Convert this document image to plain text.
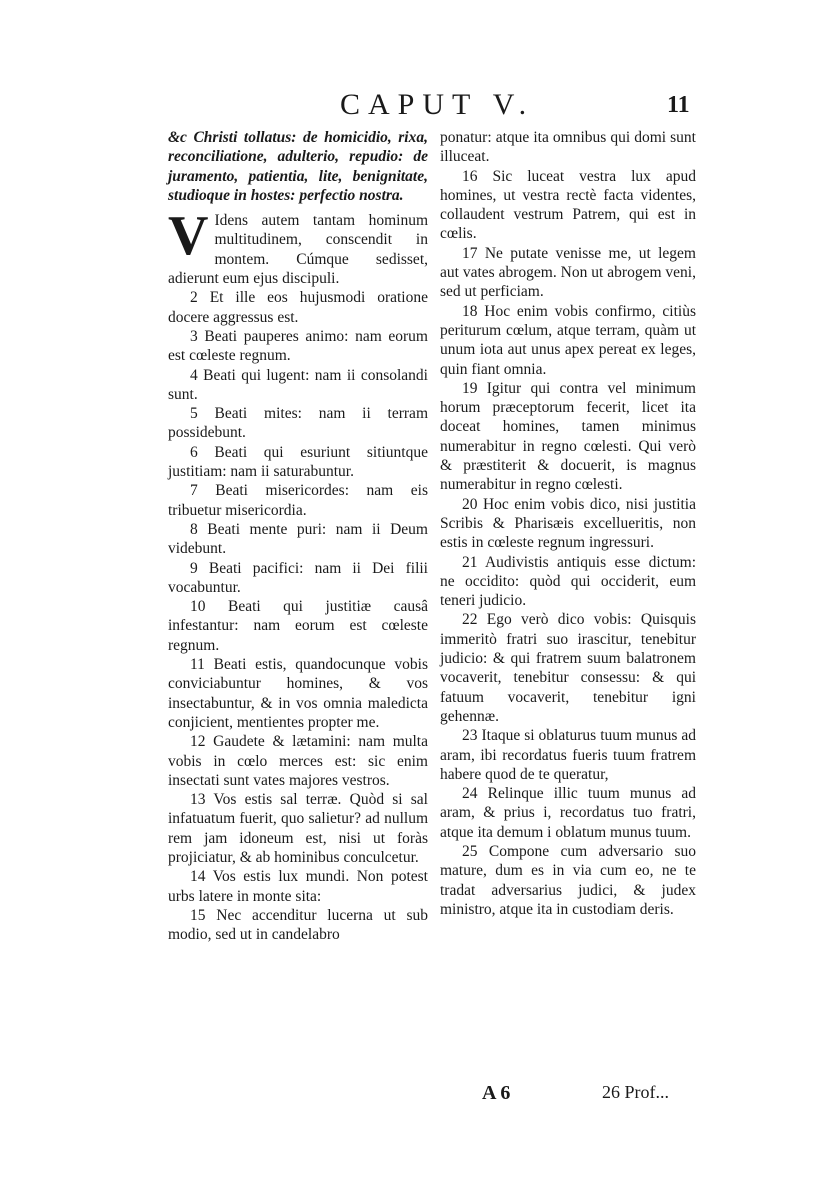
CAPUT V.	11

&c Christi tollatus: de homicidio, rixa, reconciliatione, adulterio, repudio: de juramento, patientia, lite, benignitate, studioque in hostes: perfectio nostra.

V Idens autem tantam hominum multitudinem, conscendit in montem. Cúmque sedisset, adierunt eum ejus discipuli.

2 Et ille eos hujusmodi oratione docere aggressus est.

3 Beati pauperes animo: nam eorum est cœleste regnum.

4 Beati qui lugent: nam ii consolandi sunt.

5 Beati mites: nam ii terram possidebunt.

6 Beati qui esuriunt sitiuntque justitiam: nam ii saturabuntur.

7 Beati misericordes: nam eis tribuetur misericordia.

8 Beati mente puri: nam ii Deum videbunt.

9 Beati pacifici: nam ii Dei filii vocabuntur.

10 Beati qui justitiæ causâ infestantur: nam eorum est cœleste regnum.

11 Beati estis, quandocunque vobis conviciabuntur homines, & vos insectabuntur, & in vos omnia maledicta conjicient, mentientes propter me.

12 Gaudete & lætamini: nam multa vobis in cœlo merces est: sic enim insectati sunt vates majores vestros.

13 Vos estis sal terræ. Quòd si sal infatuatum fuerit, quo salietur? ad nullum rem jam idoneum est, nisi ut foràs projiciatur, & ab hominibus conculcetur.

14 Vos estis lux mundi. Non potest urbs latere in monte sita:

15 Nec accenditur lucerna ut sub modio, sed ut in candelabro

ponatur: atque ita omnibus qui domi sunt illuceat.

16 Sic luceat vestra lux apud homines, ut vestra rectè facta videntes, collaudent vestrum Patrem, qui est in cœlis.

17 Ne putate venisse me, ut legem aut vates abrogem. Non ut abrogem veni, sed ut perficiam.

18 Hoc enim vobis confirmo, citiùs periturum cœlum, atque terram, quàm ut unum iota aut unus apex pereat ex leges, quin fiant omnia.

19 Igitur qui contra vel minimum horum præceptorum fecerit, licet ita doceat homines, tamen minimus numerabitur in regno cœlesti. Qui verò & præstiterit & docuerit, is magnus numerabitur in regno cœlesti.

20 Hoc enim vobis dico, nisi justitia Scribis & Pharisæis excellueritis, non estis in cœleste regnum ingressuri.

21 Audivistis antiquis esse dictum: ne occidito: quòd qui occiderit, eum teneri judicio.

22 Ego verò dico vobis: Quisquis immeritò fratri suo irascitur, tenebitur judicio: & qui fratrem suum balatronem vocaverit, tenebitur consessu: & qui fatuum vocaverit, tenebitur igni gehennæ.

23 Itaque si oblaturus tuum munus ad aram, ibi recordatus fueris tuum fratrem habere quod de te queratur,

24 Relinque illic tuum munus ad aram, & prius i, recordatus tuo fratri, atque ita demum i oblatum munus tuum.

25 Compone cum adversario suo mature, dum es in via cum eo, ne te tradat adversarius judici, & judex ministro, atque ita in custodiam deris.

A 6	26 Prof...
